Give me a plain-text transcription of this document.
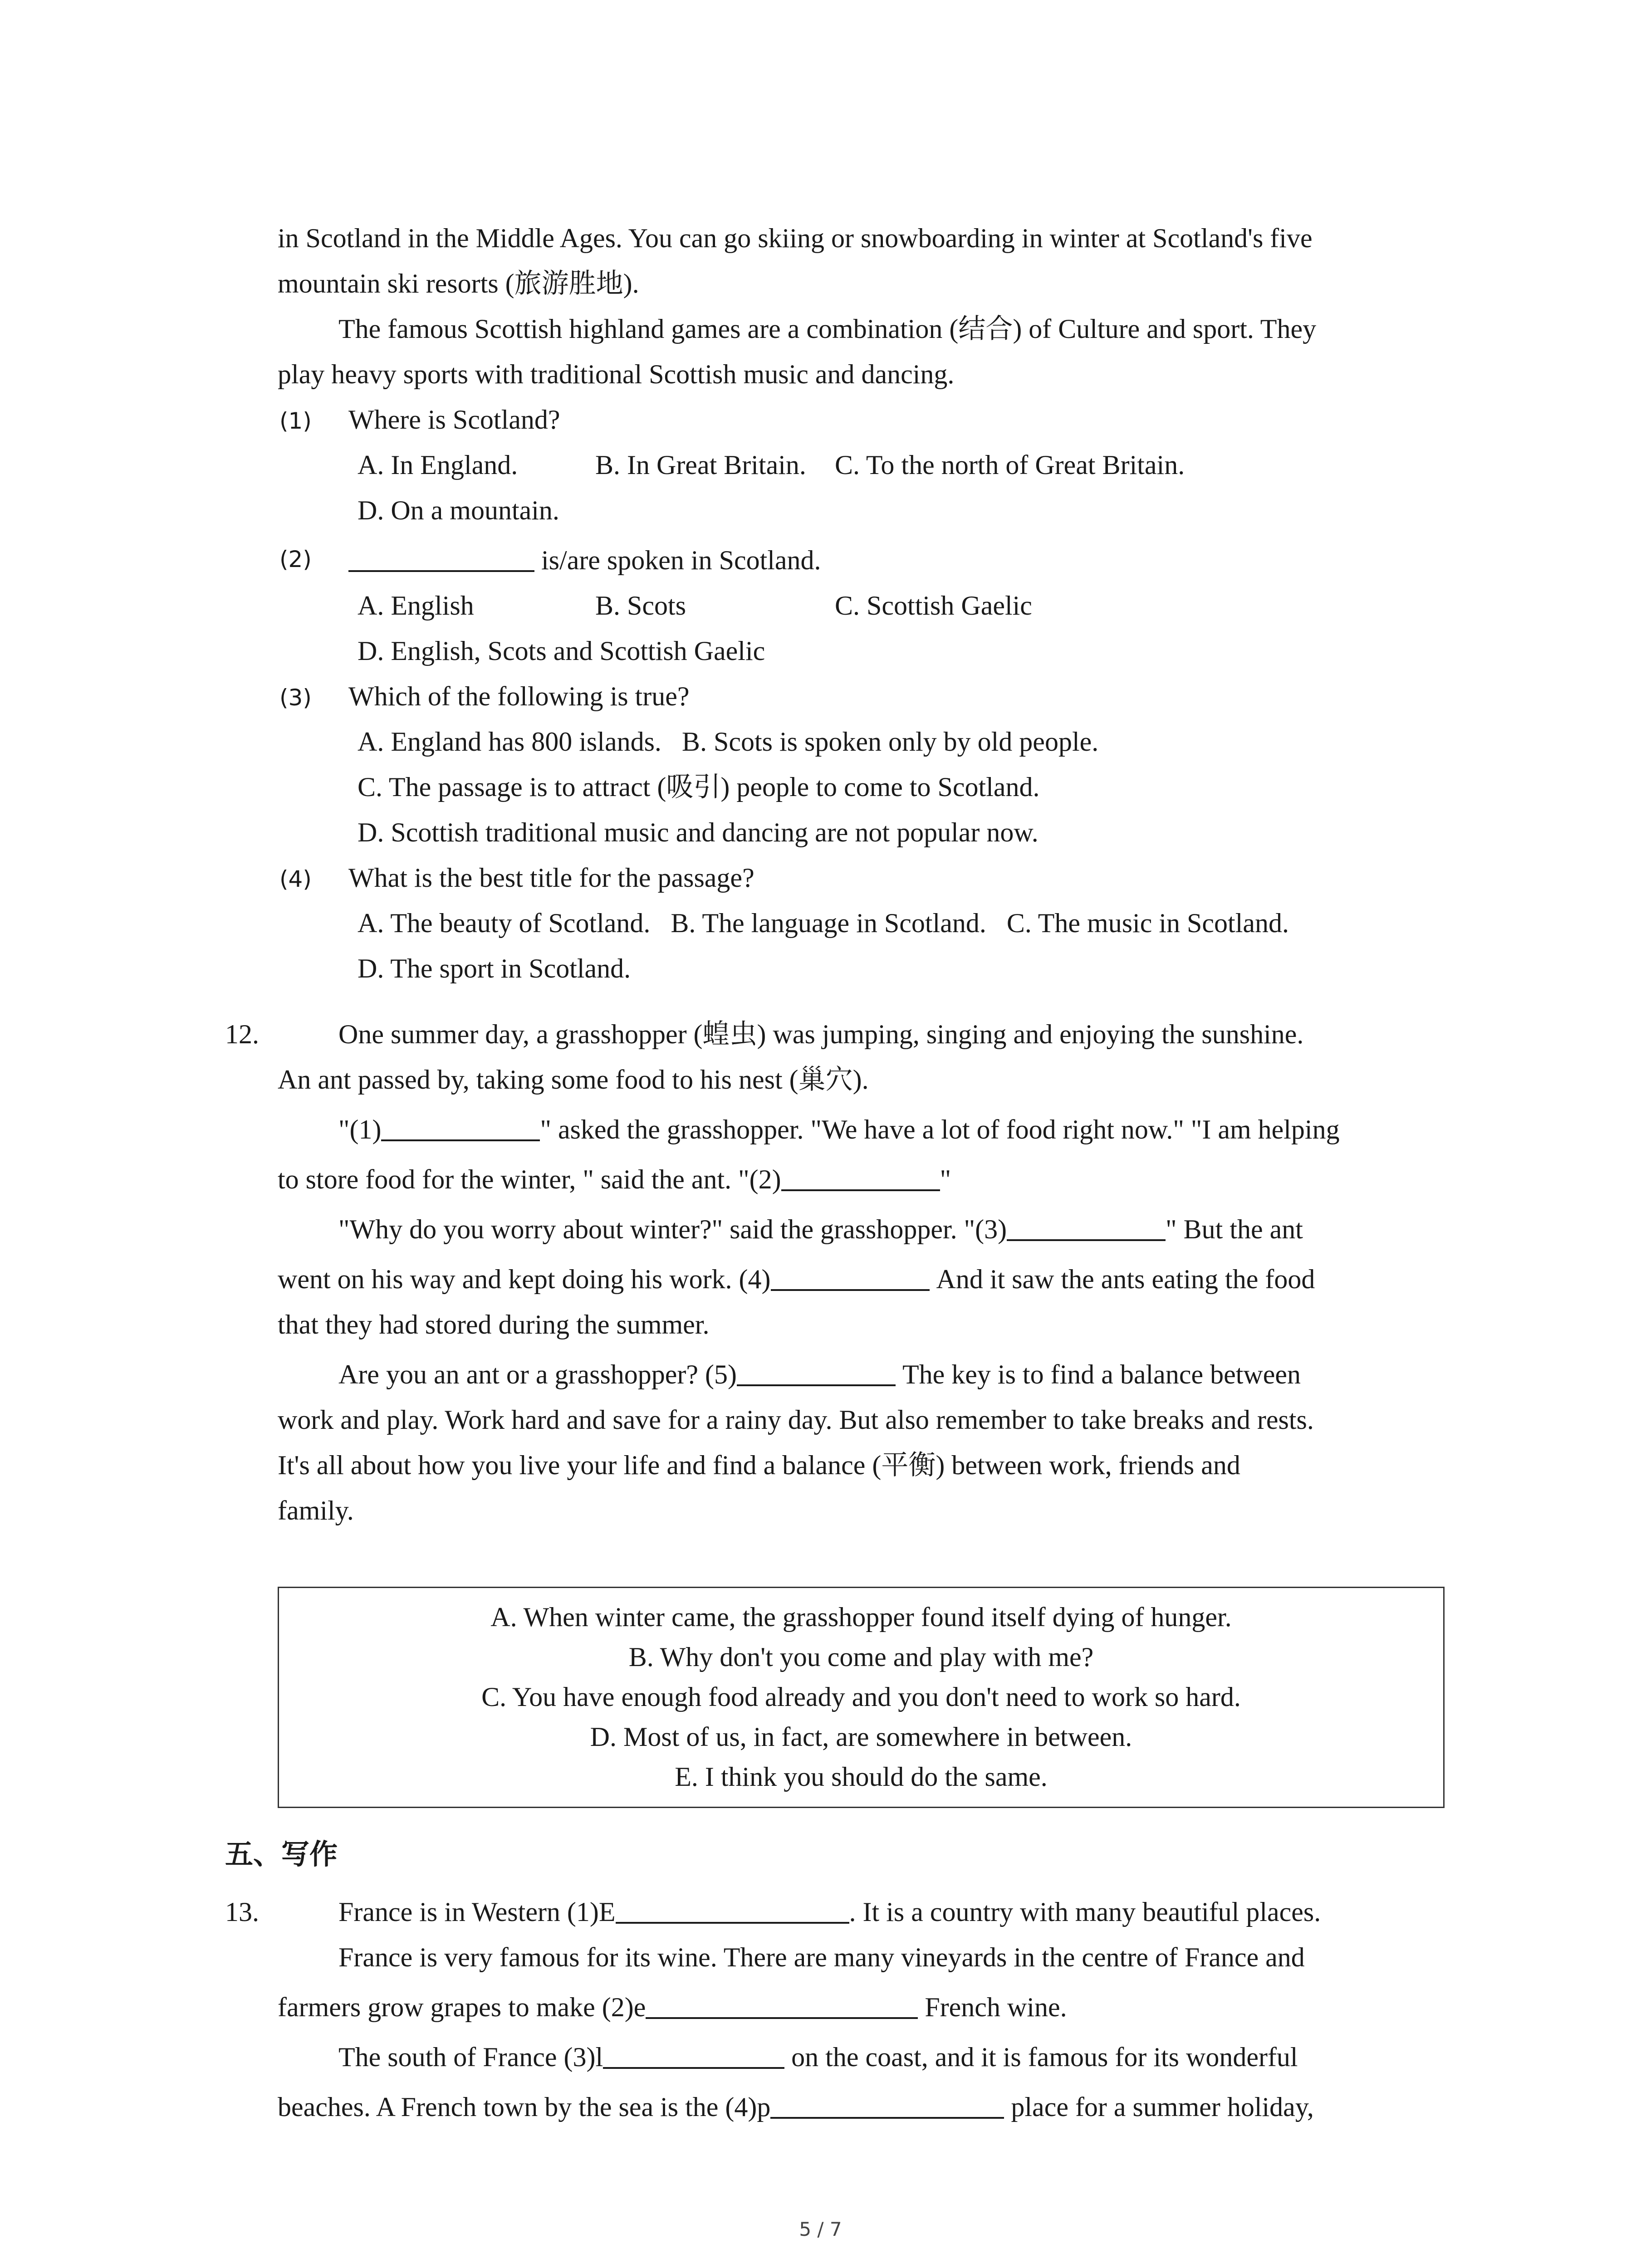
in Scotland in the Middle Ages. You can go skiing or snowboarding in winter at Scotland's five
mountain ski resorts (旅游胜地).
The famous Scottish highland games are a combination (结合) of Culture and sport. They
play heavy sports with traditional Scottish music and dancing.
(1) Where is Scotland?
A. In England.	B. In Great Britain. C. To the north of Great Britain.
D. On a mountain.
(2)	is/are spoken in Scotland.
A. English	B. Scots	C. Scottish Gaelic
D. English, Scots and Scottish Gaelic
(3) Which of the following is true?
A. England has 800 islands.   B. Scots is spoken only by old people.
C. The passage is to attract (吸引) people to come to Scotland.
D. Scottish traditional music and dancing are not popular now.
(4) What is the best title for the passage?
A. The beauty of Scotland.   B. The language in Scotland.   C. The music in Scotland.
D. The sport in Scotland.
12.	One summer day, a grasshopper (蝗虫) was jumping, singing and enjoying the sunshine.
An ant passed by, taking some food to his nest (巢穴).
"(1)	" asked the grasshopper. "We have a lot of food right now." "I am helping
to store food for the winter, " said the ant. "(2)	"
"Why do you worry about winter?" said the grasshopper. "(3)	" But the ant
went on his way and kept doing his work. (4)	And it saw the ants eating the food
that they had stored during the summer.
Are you an ant or a grasshopper? (5)	The key is to find a balance between
work and play. Work hard and save for a rainy day. But also remember to take breaks and rests.
It's all about how you live your life and find a balance (平衡) between work, friends and
family.
A. When winter came, the grasshopper found itself dying of hunger.
B. Why don't you come and play with me?
C. You have enough food already and you don't need to work so hard.
D. Most of us, in fact, are somewhere in between.
E. I think you should do the same.
五、写作
13.	France is in Western (1)E	. It is a country with many beautiful places.
France is very famous for its wine. There are many vineyards in the centre of France and
farmers grow grapes to make (2)e	French wine.
The south of France (3)l	on the coast, and it is famous for its wonderful
beaches. A French town by the sea is the (4)p	place for a summer holiday,
5 / 7
